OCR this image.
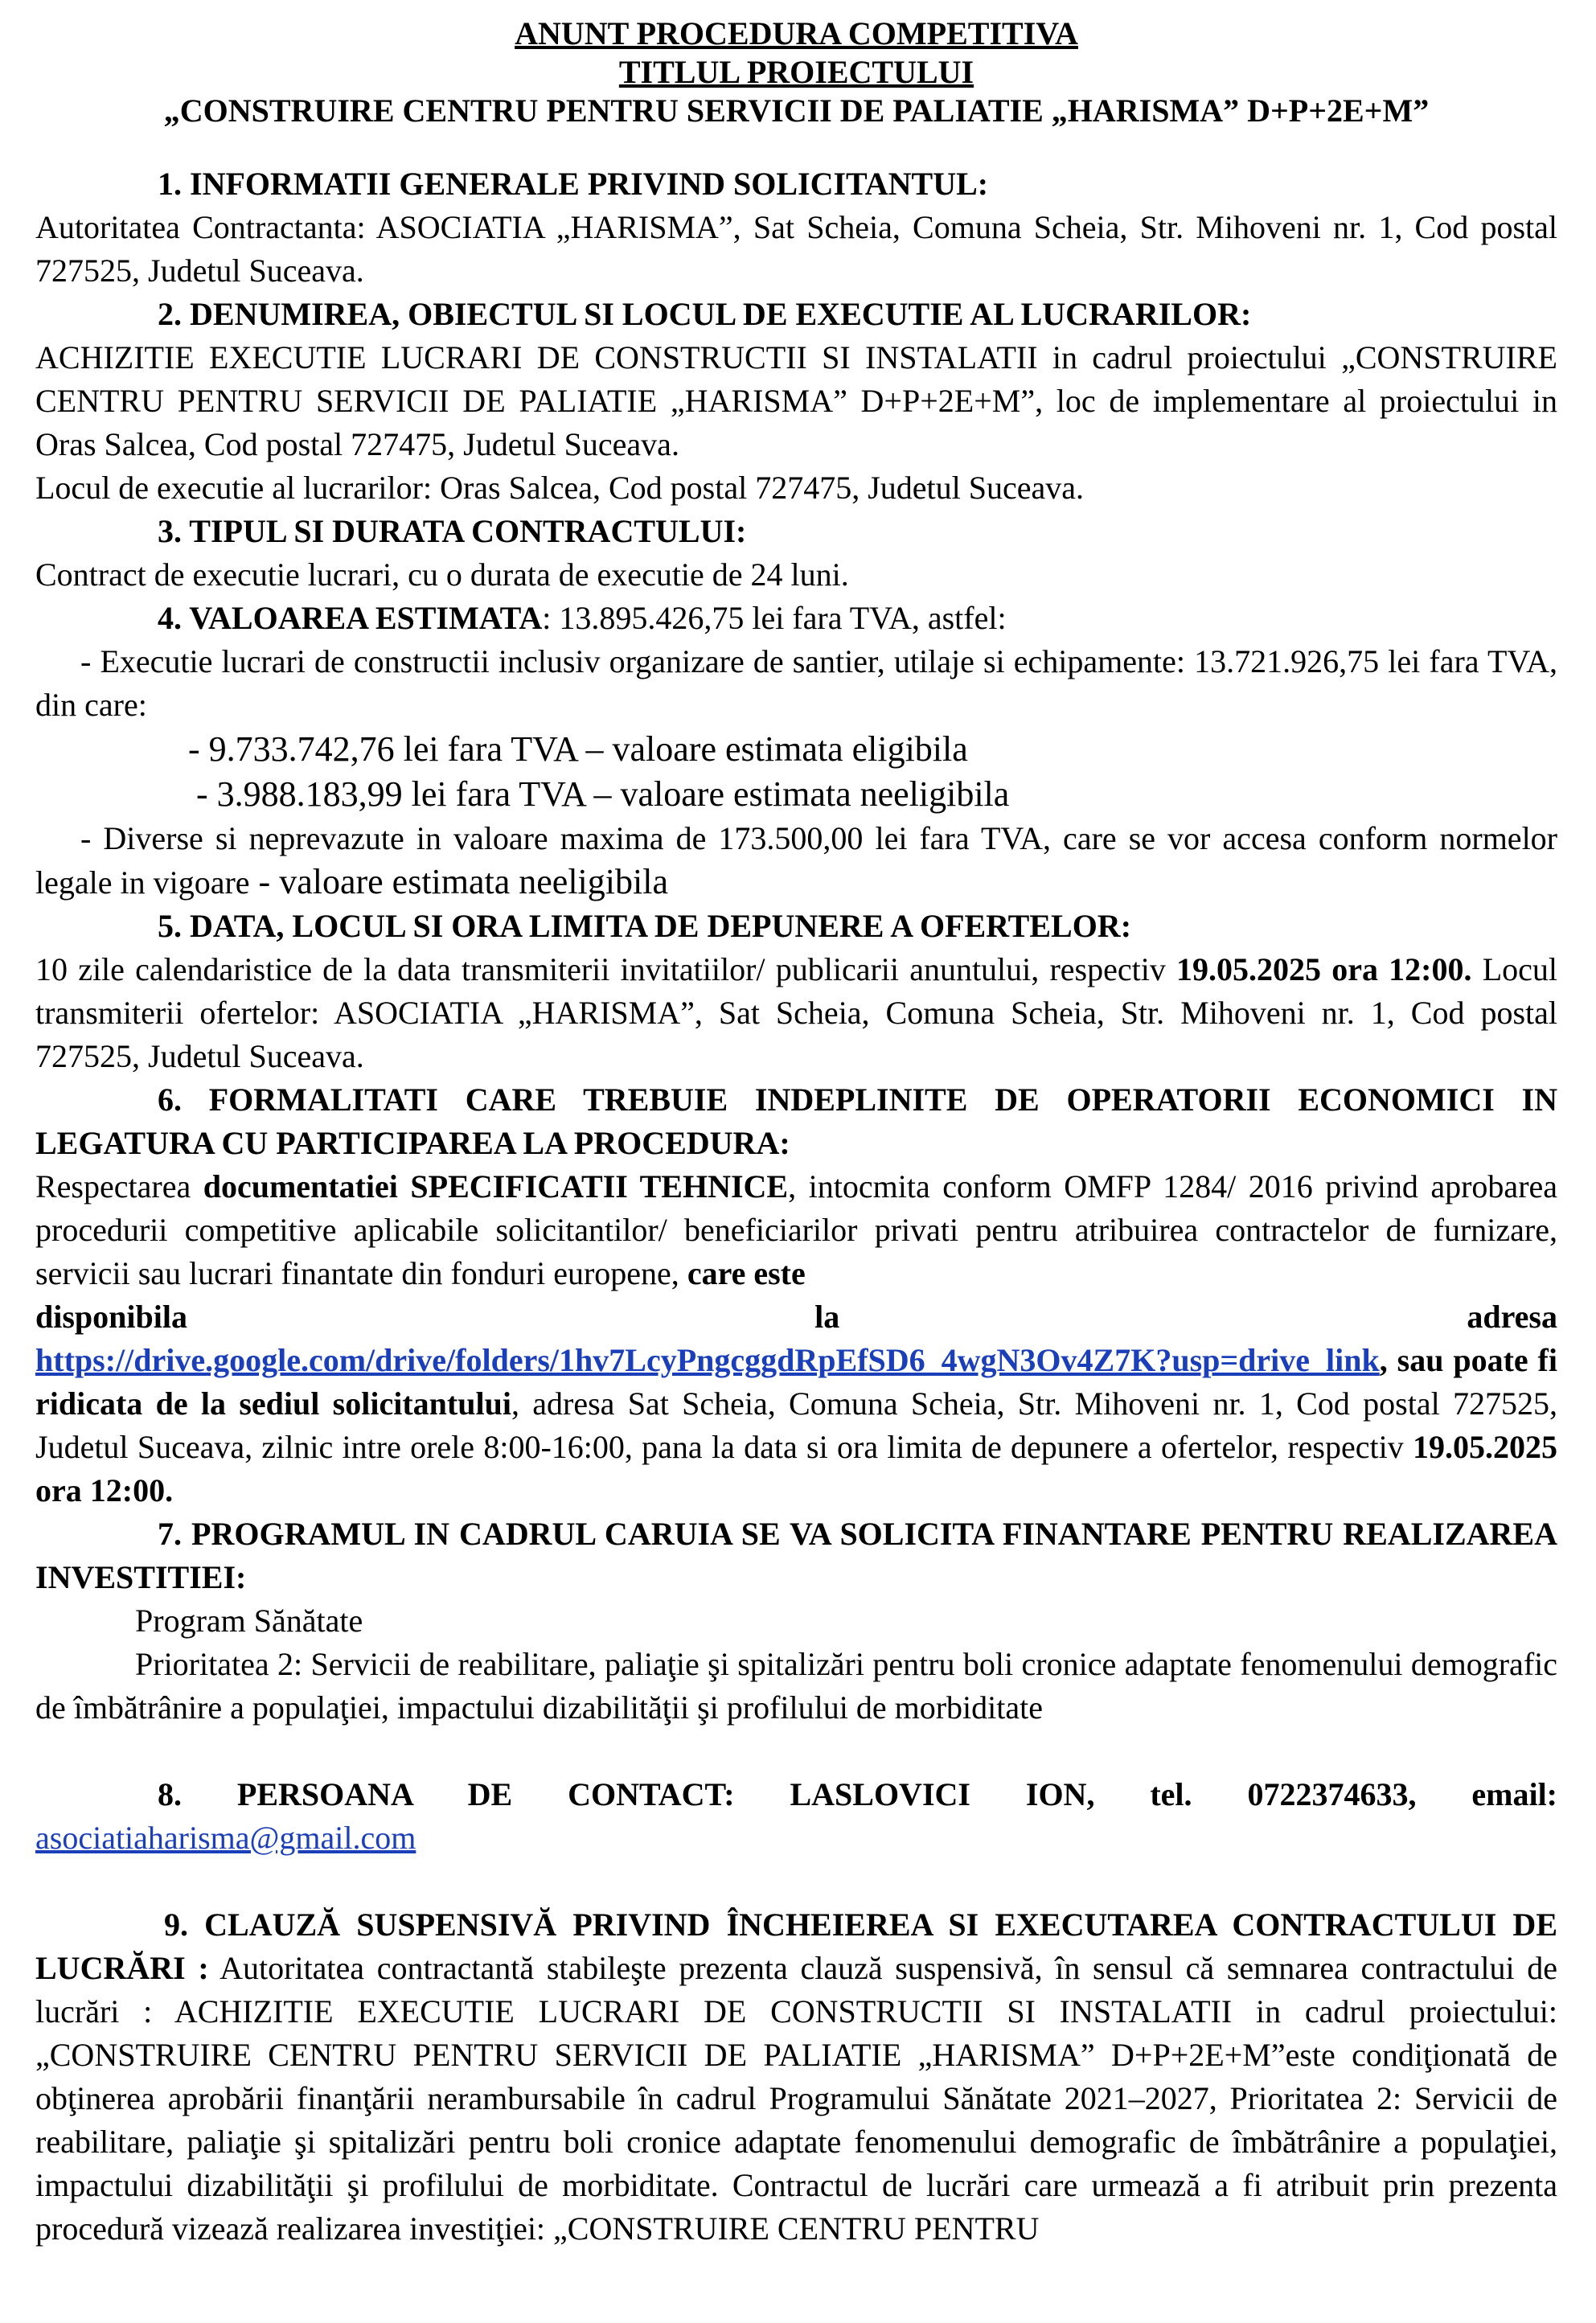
ANUNT PROCEDURA COMPETITIVA
TITLUL PROIECTULUI
„CONSTRUIRE CENTRU PENTRU SERVICII DE PALIATIE „HARISMA” D+P+2E+M”
1. INFORMATII GENERALE PRIVIND SOLICITANTUL:
Autoritatea Contractanta: ASOCIATIA „HARISMA”, Sat Scheia, Comuna Scheia, Str. Mihoveni nr. 1, Cod postal 727525, Judetul Suceava.
2. DENUMIREA, OBIECTUL SI LOCUL DE EXECUTIE AL LUCRARILOR:
ACHIZITIE EXECUTIE LUCRARI DE CONSTRUCTII SI INSTALATII in cadrul proiectului „CONSTRUIRE CENTRU PENTRU SERVICII DE PALIATIE „HARISMA” D+P+2E+M”, loc de implementare al proiectului in Oras Salcea, Cod postal 727475, Judetul Suceava.
Locul de executie al lucrarilor: Oras Salcea, Cod postal 727475, Judetul Suceava.
3. TIPUL SI DURATA CONTRACTULUI:
Contract de executie lucrari, cu o durata de executie de 24 luni.
4. VALOAREA ESTIMATA: 13.895.426,75 lei fara TVA, astfel:
- Executie lucrari de constructii inclusiv organizare de santier, utilaje si echipamente: 13.721.926,75 lei fara TVA, din care:
- 9.733.742,76 lei fara TVA – valoare estimata eligibila
- 3.988.183,99 lei fara TVA – valoare estimata neeligibila
- Diverse si neprevazute in valoare maxima de 173.500,00 lei fara TVA, care se vor accesa conform normelor legale in vigoare - valoare estimata neeligibila
5. DATA, LOCUL SI ORA LIMITA DE DEPUNERE A OFERTELOR:
10 zile calendaristice de la data transmiterii invitatiilor/ publicarii anuntului, respectiv 19.05.2025 ora 12:00. Locul transmiterii ofertelor: ASOCIATIA „HARISMA”, Sat Scheia, Comuna Scheia, Str. Mihoveni nr. 1, Cod postal 727525, Judetul Suceava.
6. FORMALITATI CARE TREBUIE INDEPLINITE DE OPERATORII ECONOMICI IN LEGATURA CU PARTICIPAREA LA PROCEDURA:
Respectarea documentatiei SPECIFICATII TEHNICE, intocmita conform OMFP 1284/ 2016 privind aprobarea procedurii competitive aplicabile solicitantilor/ beneficiarilor privati pentru atribuirea contractelor de furnizare, servicii sau lucrari finantate din fonduri europene, care este
disponibila	la	adresa
https://drive.google.com/drive/folders/1hv7LcyPngcggdRpEfSD6_4wgN3Ov4Z7K?usp=drive_link, sau poate fi ridicata de la sediul solicitantului, adresa Sat Scheia, Comuna Scheia, Str. Mihoveni nr. 1, Cod postal 727525, Judetul Suceava, zilnic intre orele 8:00-16:00, pana la data si ora limita de depunere a ofertelor, respectiv 19.05.2025 ora 12:00.
7. PROGRAMUL IN CADRUL CARUIA SE VA SOLICITA FINANTARE PENTRU REALIZAREA INVESTITIEI:
Program Sănătate
Prioritatea 2: Servicii de reabilitare, paliaţie şi spitalizări pentru boli cronice adaptate fenomenului demografic de îmbătrânire a populaţiei, impactului dizabilităţii şi profilului de morbiditate
8. PERSOANA DE CONTACT: LASLOVICI ION, tel. 0722374633, email:
asociatiaharisma@gmail.com
9. CLAUZĂ SUSPENSIVĂ PRIVIND ÎNCHEIEREA SI EXECUTAREA CONTRACTULUI DE LUCRĂRI : Autoritatea contractantă stabileşte prezenta clauză suspensivă, în sensul că semnarea contractului de lucrări : ACHIZITIE EXECUTIE LUCRARI DE CONSTRUCTII SI INSTALATII in cadrul proiectului: „CONSTRUIRE CENTRU PENTRU SERVICII DE PALIATIE „HARISMA” D+P+2E+M”este condiţionată de obţinerea aprobării finanţării nerambursabile în cadrul Programului Sănătate 2021–2027, Prioritatea 2: Servicii de reabilitare, paliaţie şi spitalizări pentru boli cronice adaptate fenomenului demografic de îmbătrânire a populaţiei, impactului dizabilităţii şi profilului de morbiditate. Contractul de lucrări care urmează a fi atribuit prin prezenta procedură vizează realizarea investiţiei: „CONSTRUIRE CENTRU PENTRU
